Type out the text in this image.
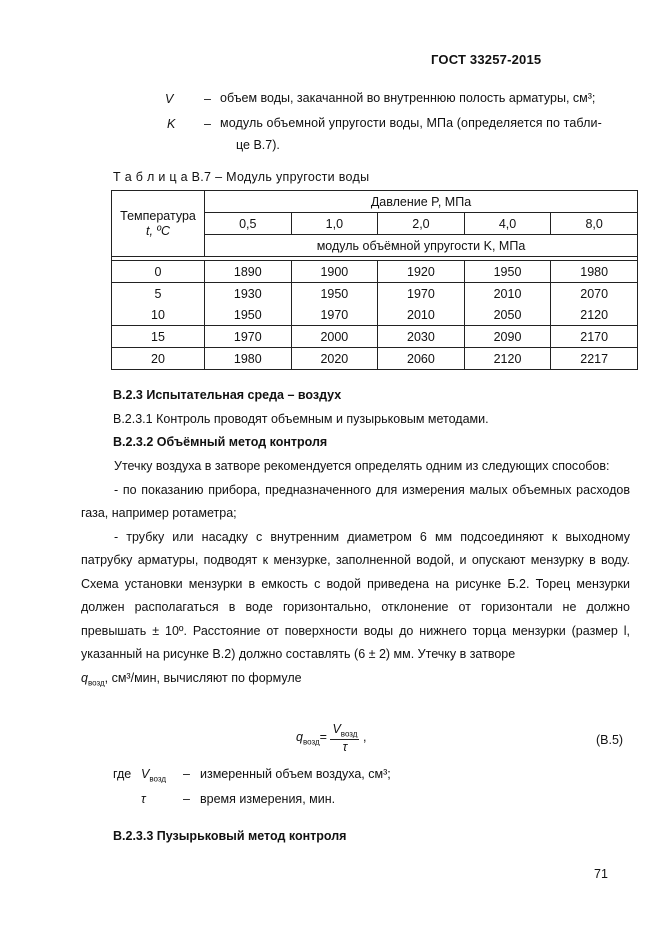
ГОСТ 33257-2015
V – объем воды, закачанной во внутреннюю полость арматуры, см³;
K – модуль объемной упругости воды, МПа (определяется по табли-
це В.7).
Т а б л и ц а В.7 – Модуль упругости воды
Температура
t, ºС	Давление P, МПа				
	0,5	1,0	2,0	4,0	8,0
	модуль объёмной упругости K, МПа				

0	1890	1900	1920	1950	1980
5	1930	1950	1970	2010	2070
10	1950	1970	2010	2050	2120
15	1970	2000	2030	2090	2170
20	1980	2020	2060	2120	2217
В.2.3 Испытательная среда – воздух
В.2.3.1 Контроль проводят объемным и пузырьковым методами.
В.2.3.2 Объёмный метод контроля

Утечку воздуха в затворе рекомендуется определять одним из следующих способов:

- по показанию прибора, предназначенного для измерения малых объемных расходов газа, например ротаметра;

- трубку или насадку с внутренним диаметром 6 мм подсоединяют к выходному патрубку арматуры, подводят к мензурке, заполненной водой, и опускают мензурку в воду. Схема установки мензурки в емкость с водой приведена на рисунке Б.2. Торец мензурки должен располагаться в воде горизонтально, отклонение от горизонтали не должно превышать ± 10º. Расстояние от поверхности воды до нижнего торца мензурки (размер l, указанный на рисунке В.2) должно составлять (6 ± 2) мм. Утечку в затворе

$q_{возд}$, см³/мин, вычисляют по формуле

$q_{возд}= \frac{V_{возд}}{\tau}$ ,	(В.5)
где $V_{возд}$ – измеренный объем воздуха, см³;
τ	– время измерения, мин.
В.2.3.3 Пузырьковый метод контроля
71
